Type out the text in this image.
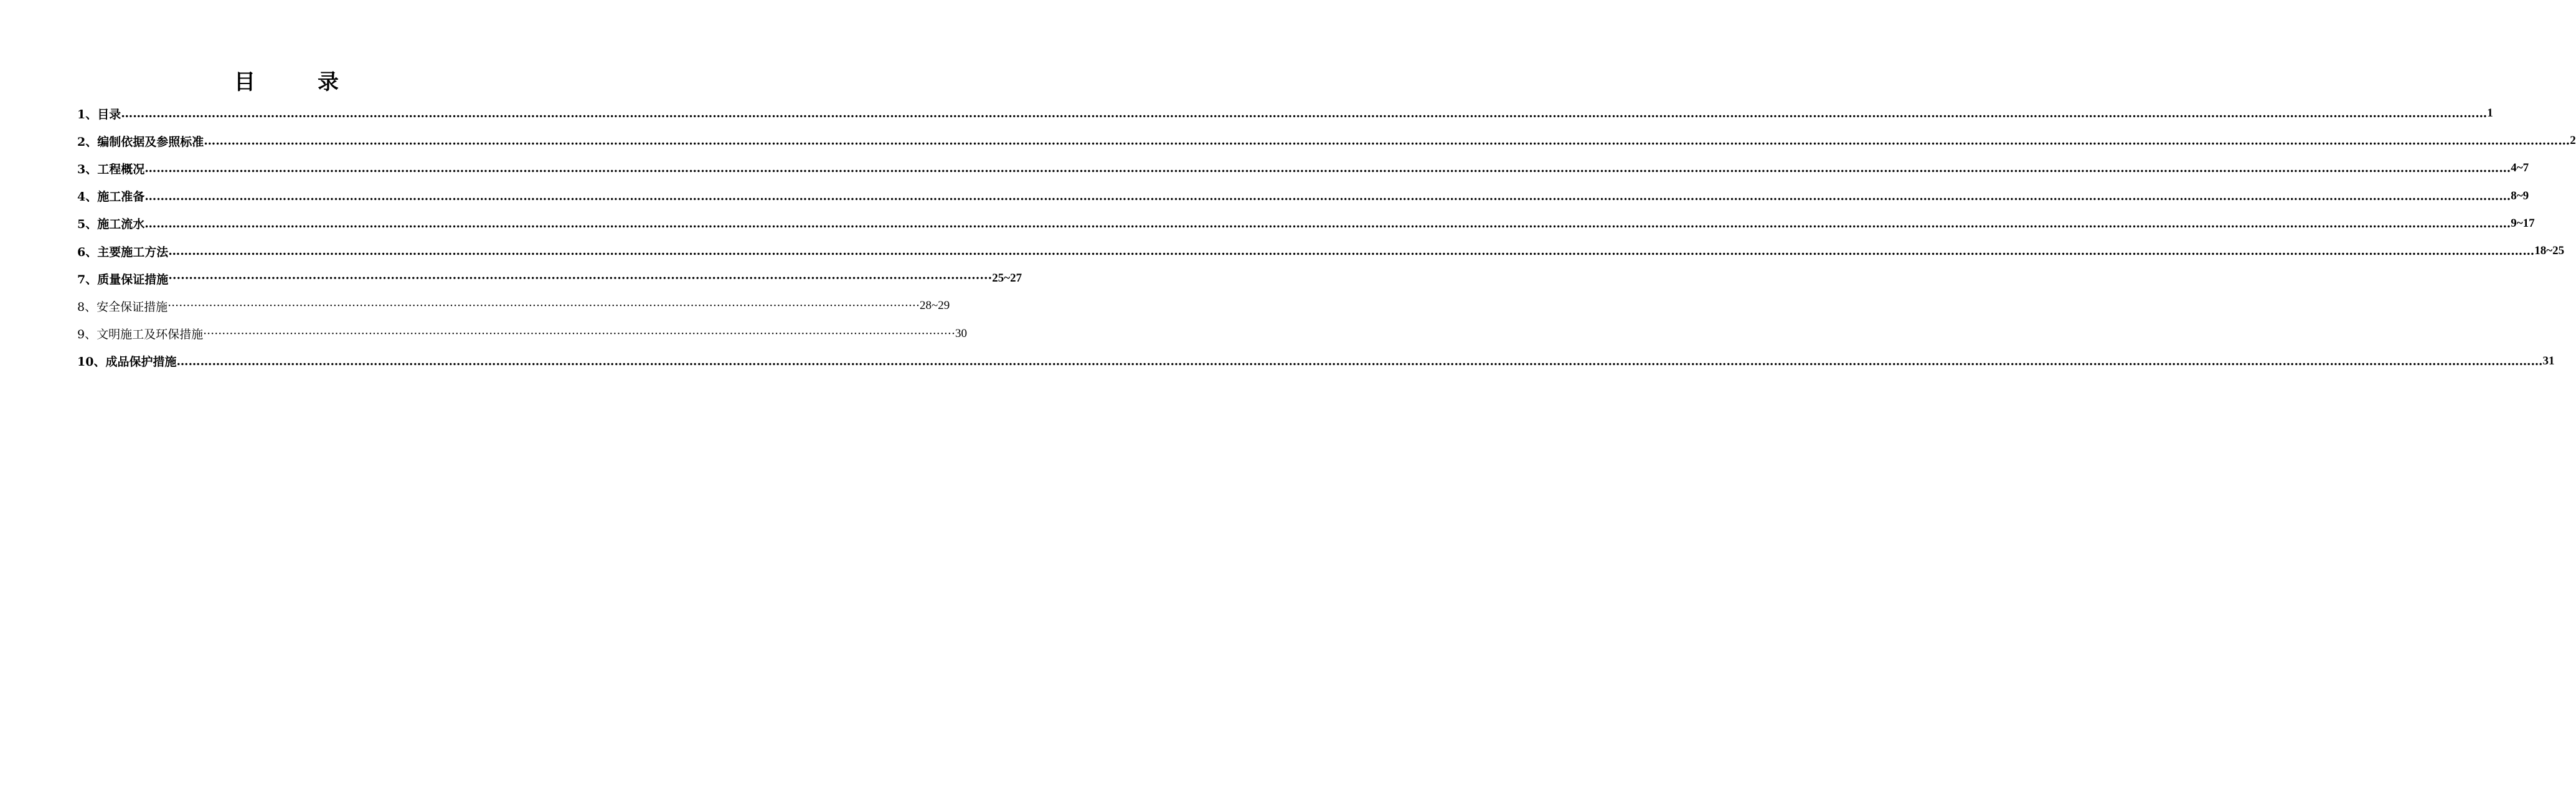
目	录
1、目录 …………………………………………………………………………………………………………………………………………………………………………………………………………………………………………………………………………………………………………………………………………………………………………………………………………………………………………………………………………………………………………………………………………………… 1
2、编制依据及参照标准 …………………………………………………………………………………………………………………………………………………………………………………………………………………………………………………………………………………………………………………………………………………………………………………………………………………………………………………………………………………………………………………………………………………… 2
3、工程概况 …………………………………………………………………………………………………………………………………………………………………………………………………………………………………………………………………………………………………………………………………………………………………………………………………………………………………………………………………………………………………………………………………………………… 4~7
4、施工准备 …………………………………………………………………………………………………………………………………………………………………………………………………………………………………………………………………………………………………………………………………………………………………………………………………………………………………………………………………………………………………………………………………………………… 8~9
5、施工流水 …………………………………………………………………………………………………………………………………………………………………………………………………………………………………………………………………………………………………………………………………………………………………………………………………………………………………………………………………………………………………………………………………………………… 9~17
6、主要施工方法 …………………………………………………………………………………………………………………………………………………………………………………………………………………………………………………………………………………………………………………………………………………………………………………………………………………………………………………………………………………………………………………………………………………… 18~25
7、质量保证措施 ········································································································································································································ 25~27
8、安全保证措施 ········································································································································································································ 28~29
9、文明施工及环保措施 ········································································································································································································ 30
10、成品保护措施 …………………………………………………………………………………………………………………………………………………………………………………………………………………………………………………………………………………………………………………………………………………………………………………………………………………………………………………………………………………………………………………………………………………… 31
